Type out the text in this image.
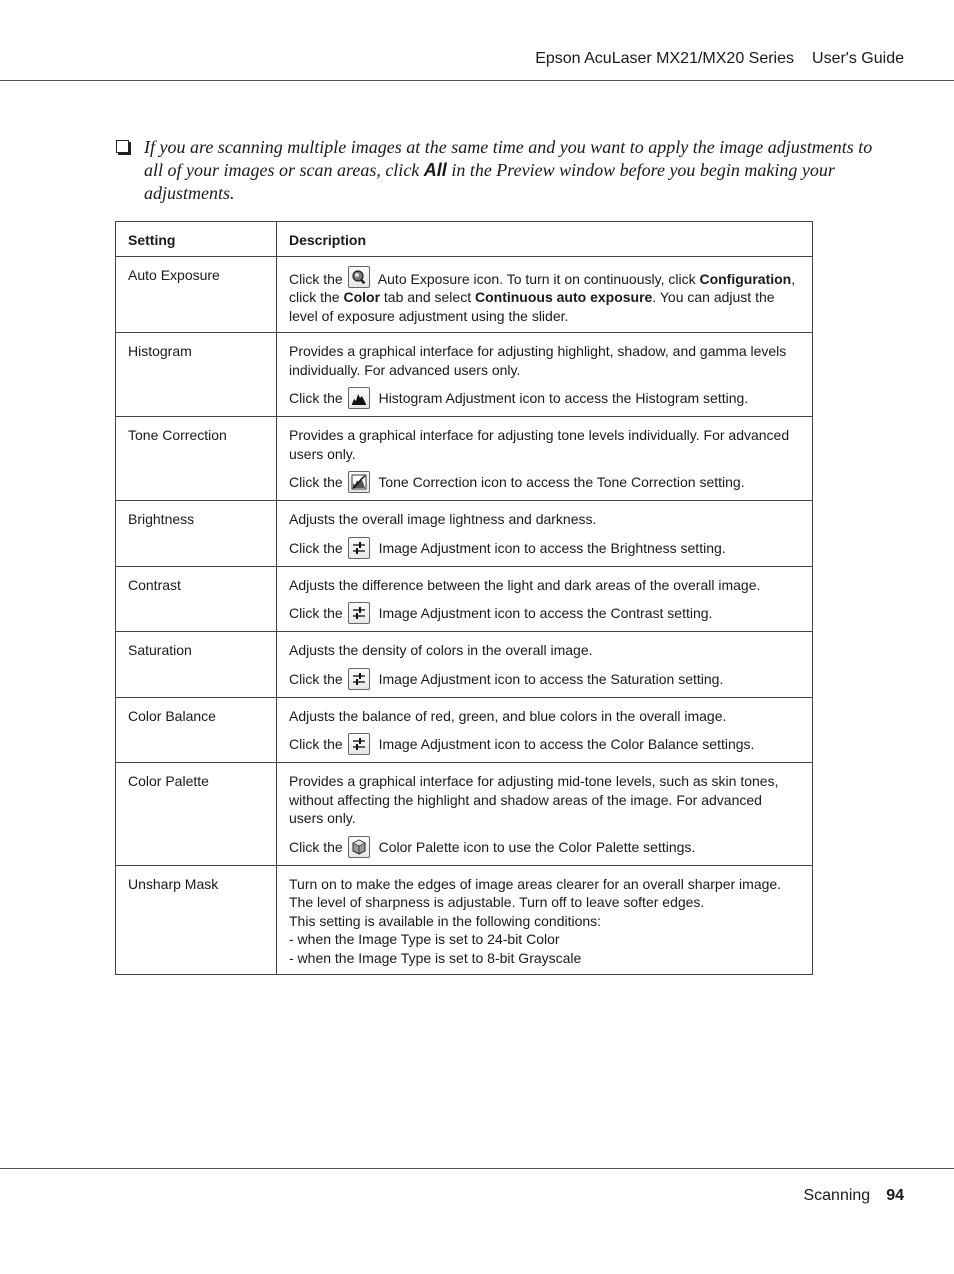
Epson AcuLaser MX21/MX20 Series User's Guide
If you are scanning multiple images at the same time and you want to apply the image adjustments to all of your images or scan areas, click All in the Preview window before you begin making your adjustments.
Setting	Description
Auto Exposure	Click the
Auto Exposure icon. To turn it on continuously, click Configuration, click the Color tab and select Continuous auto exposure. You can adjust the level of exposure adjustment using the slider.

Histogram	Provides a graphical interface for adjusting highlight, shadow, and gamma levels individually. For advanced users only.

Click the
Histogram Adjustment icon to access the Histogram setting.

Tone Correction	Provides a graphical interface for adjusting tone levels individually. For advanced users only.

Click the
Tone Correction icon to access the Tone Correction setting.

Brightness	Adjusts the overall image lightness and darkness.

Click the
Image Adjustment icon to access the Brightness setting.

Contrast	Adjusts the difference between the light and dark areas of the overall image.

Click the
Image Adjustment icon to access the Contrast setting.

Saturation	Adjusts the density of colors in the overall image.

Click the
Image Adjustment icon to access the Saturation setting.

Color Balance	Adjusts the balance of red, green, and blue colors in the overall image.

Click the
Image Adjustment icon to access the Color Balance settings.

Color Palette	Provides a graphical interface for adjusting mid-tone levels, such as skin tones, without affecting the highlight and shadow areas of the image. For advanced users only.

Click the
Color Palette icon to use the Color Palette settings.

Unsharp Mask	Turn on to make the edges of image areas clearer for an overall sharper image. The level of sharpness is adjustable. Turn off to leave softer edges.
This setting is available in the following conditions:
- when the Image Type is set to 24-bit Color
- when the Image Type is set to 8-bit Grayscale
Scanning 94
